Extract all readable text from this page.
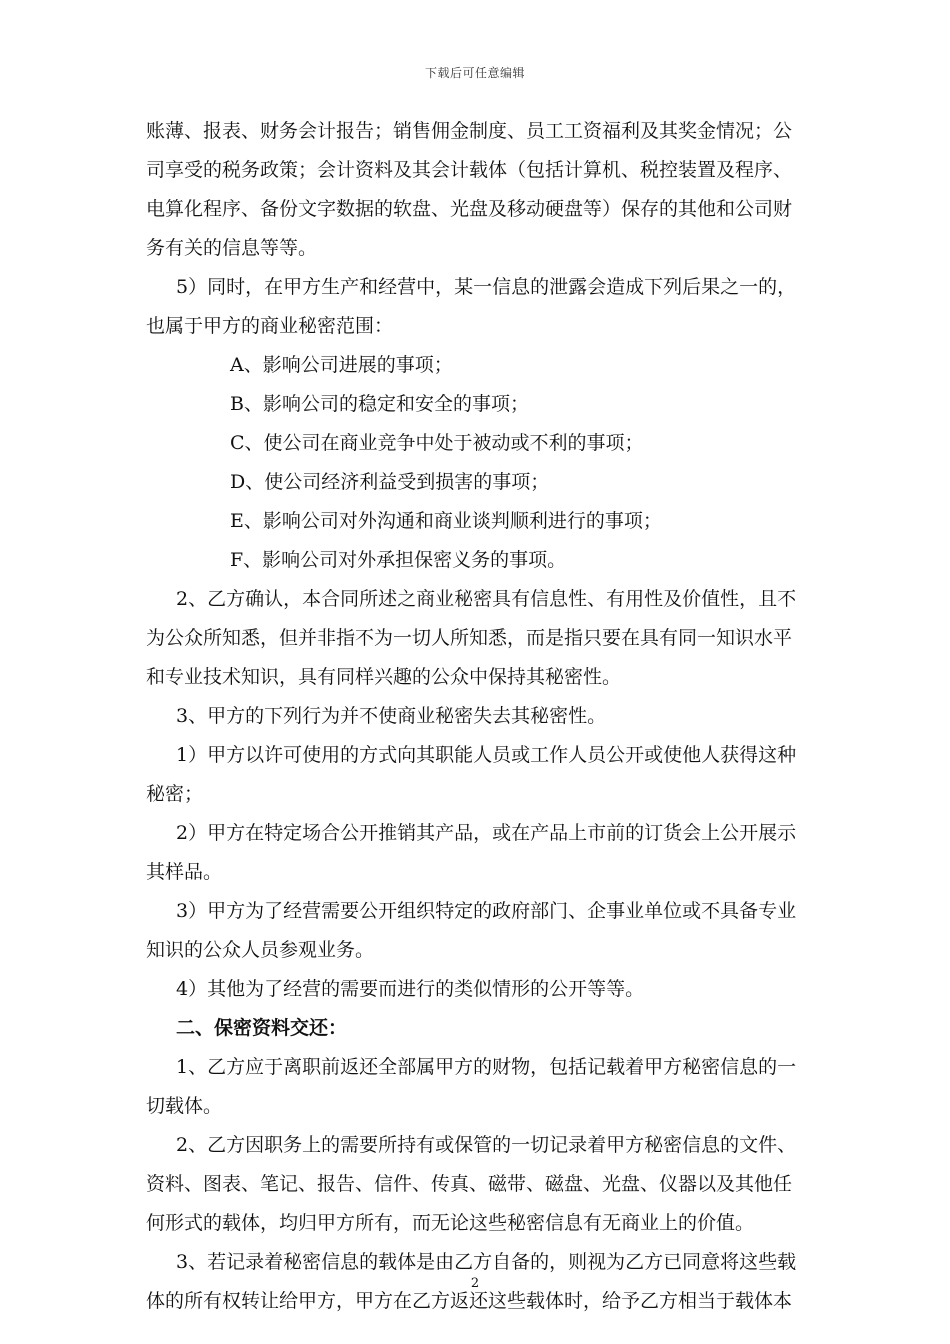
下载后可任意编辑
账薄、报表、财务会计报告；销售佣金制度、员工工资福利及其奖金情况；公
司享受的税务政策；会计资料及其会计载体（包括计算机、税控装置及程序、
电算化程序、备份文字数据的软盘、光盘及移动硬盘等）保存的其他和公司财
务有关的信息等等。
5）同时，在甲方生产和经营中，某一信息的泄露会造成下列后果之一的，
也属于甲方的商业秘密范围：
A、影响公司进展的事项；
B、影响公司的稳定和安全的事项；
C、使公司在商业竞争中处于被动或不利的事项；
D、使公司经济利益受到损害的事项；
E、影响公司对外沟通和商业谈判顺利进行的事项；
F、影响公司对外承担保密义务的事项。
2、乙方确认，本合同所述之商业秘密具有信息性、有用性及价值性，且不
为公众所知悉，但并非指不为一切人所知悉，而是指只要在具有同一知识水平
和专业技术知识，具有同样兴趣的公众中保持其秘密性。
3、甲方的下列行为并不使商业秘密失去其秘密性。
1）甲方以许可使用的方式向其职能人员或工作人员公开或使他人获得这种
秘密；
2）甲方在特定场合公开推销其产品，或在产品上市前的订货会上公开展示
其样品。
3）甲方为了经营需要公开组织特定的政府部门、企事业单位或不具备专业
知识的公众人员参观业务。
4）其他为了经营的需要而进行的类似情形的公开等等。
二、保密资料交还：
1、乙方应于离职前返还全部属甲方的财物，包括记载着甲方秘密信息的一
切载体。
2、乙方因职务上的需要所持有或保管的一切记录着甲方秘密信息的文件、
资料、图表、笔记、报告、信件、传真、磁带、磁盘、光盘、仪器以及其他任
何形式的载体，均归甲方所有，而无论这些秘密信息有无商业上的价值。
3、若记录着秘密信息的载体是由乙方自备的，则视为乙方已同意将这些载
体的所有权转让给甲方，甲方在乙方返还这些载体时，给予乙方相当于载体本
2
